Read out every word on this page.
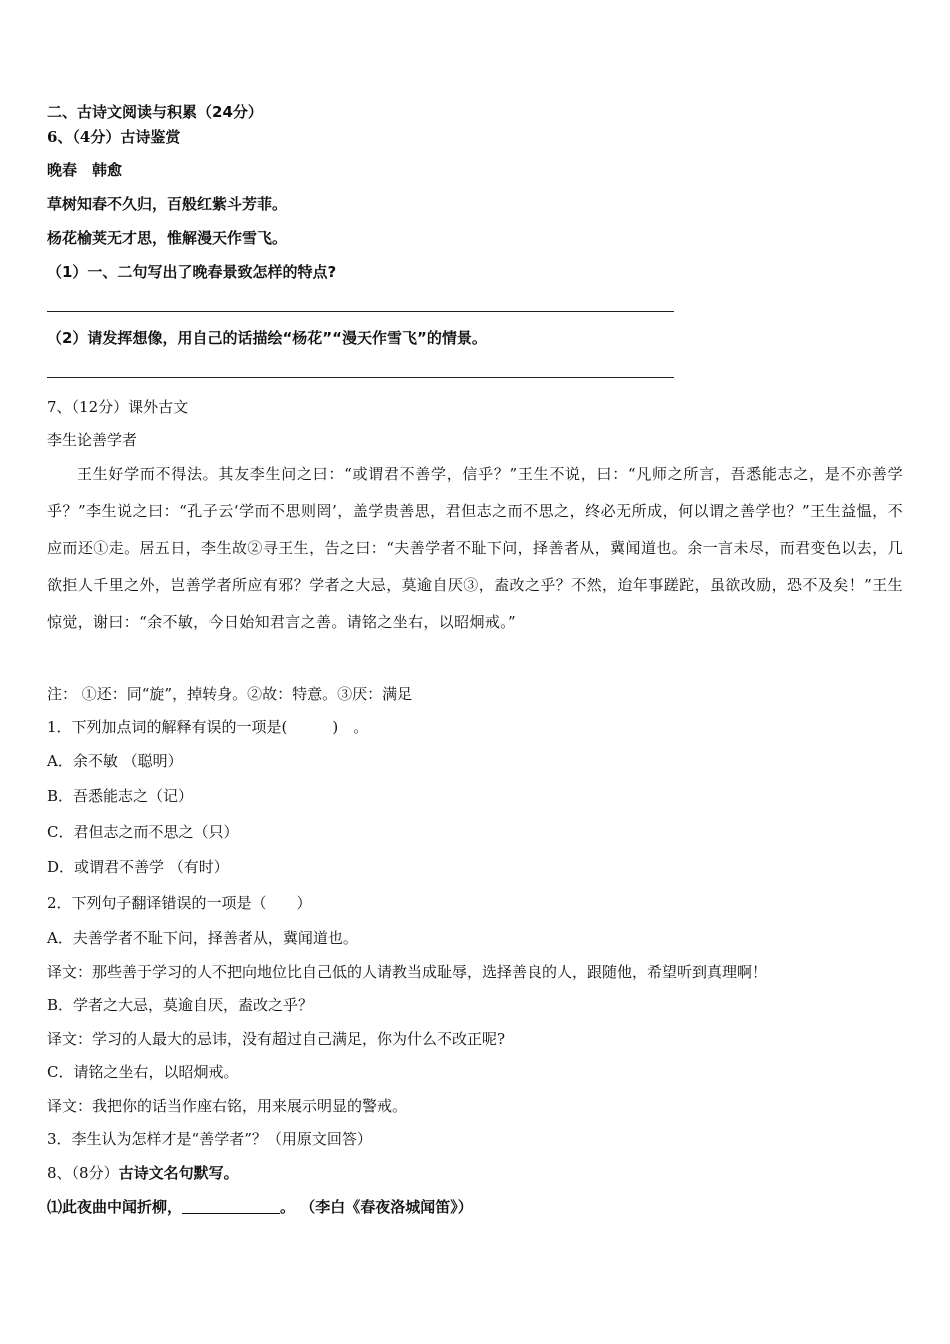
二、古诗文阅读与积累（24分）
6、（4分）古诗鉴赏
晚春　韩愈
草树知春不久归，百般红紫斗芳菲。
杨花榆荚无才思，惟解漫天作雪飞。
（1）一、二句写出了晚春景致怎样的特点?
（2）请发挥想像，用自己的话描绘“杨花”“漫天作雪飞”的情景。
7、（12分）课外古文
李生论善学者
王生好学而不得法。其友李生问之曰：“或谓君不善学，信乎？”王生不说，曰：“凡师之所言，吾悉能志之，是不亦善学乎？”李生说之曰：“孔子云‘学而不思则罔’，盖学贵善思，君但志之而不思之，终必无所成，何以谓之善学也？”王生益愠，不应而还①走。居五日，李生故②寻王生，告之曰：“夫善学者不耻下问，择善者从，冀闻道也。余一言未尽，而君变色以去，几欲拒人千里之外，岂善学者所应有邪？学者之大忌，莫逾自厌③，盍改之乎？不然，迨年事蹉跎，虽欲改励，恐不及矣！”王生惊觉，谢曰：“余不敏，今日始知君言之善。请铭之坐右，以昭炯戒。”
注： ①还：同“旋”，掉转身。②故：特意。③厌：满足
1．下列加点词的解释有误的一项是(　　　)　。
A．余不敏 （聪明）
B．吾悉能志之（记）
C．君但志之而不思之（只）
D．或谓君不善学 （有时）
2．下列句子翻译错误的一项是（　　）
A．夫善学者不耻下问，择善者从，冀闻道也。
译文：那些善于学习的人不把向地位比自己低的人请教当成耻辱，选择善良的人，跟随他，希望听到真理啊！
B．学者之大忌，莫逾自厌，盍改之乎？
译文：学习的人最大的忌讳，没有超过自己满足，你为什么不改正呢?
C．请铭之坐右，以昭炯戒。
译文：我把你的话当作座右铭，用来展示明显的警戒。
3．李生认为怎样才是“善学者”？（用原文回答）
8、（8分）古诗文名句默写。
⑴此夜曲中闻折柳，	。 （李白《春夜洛城闻笛》）
